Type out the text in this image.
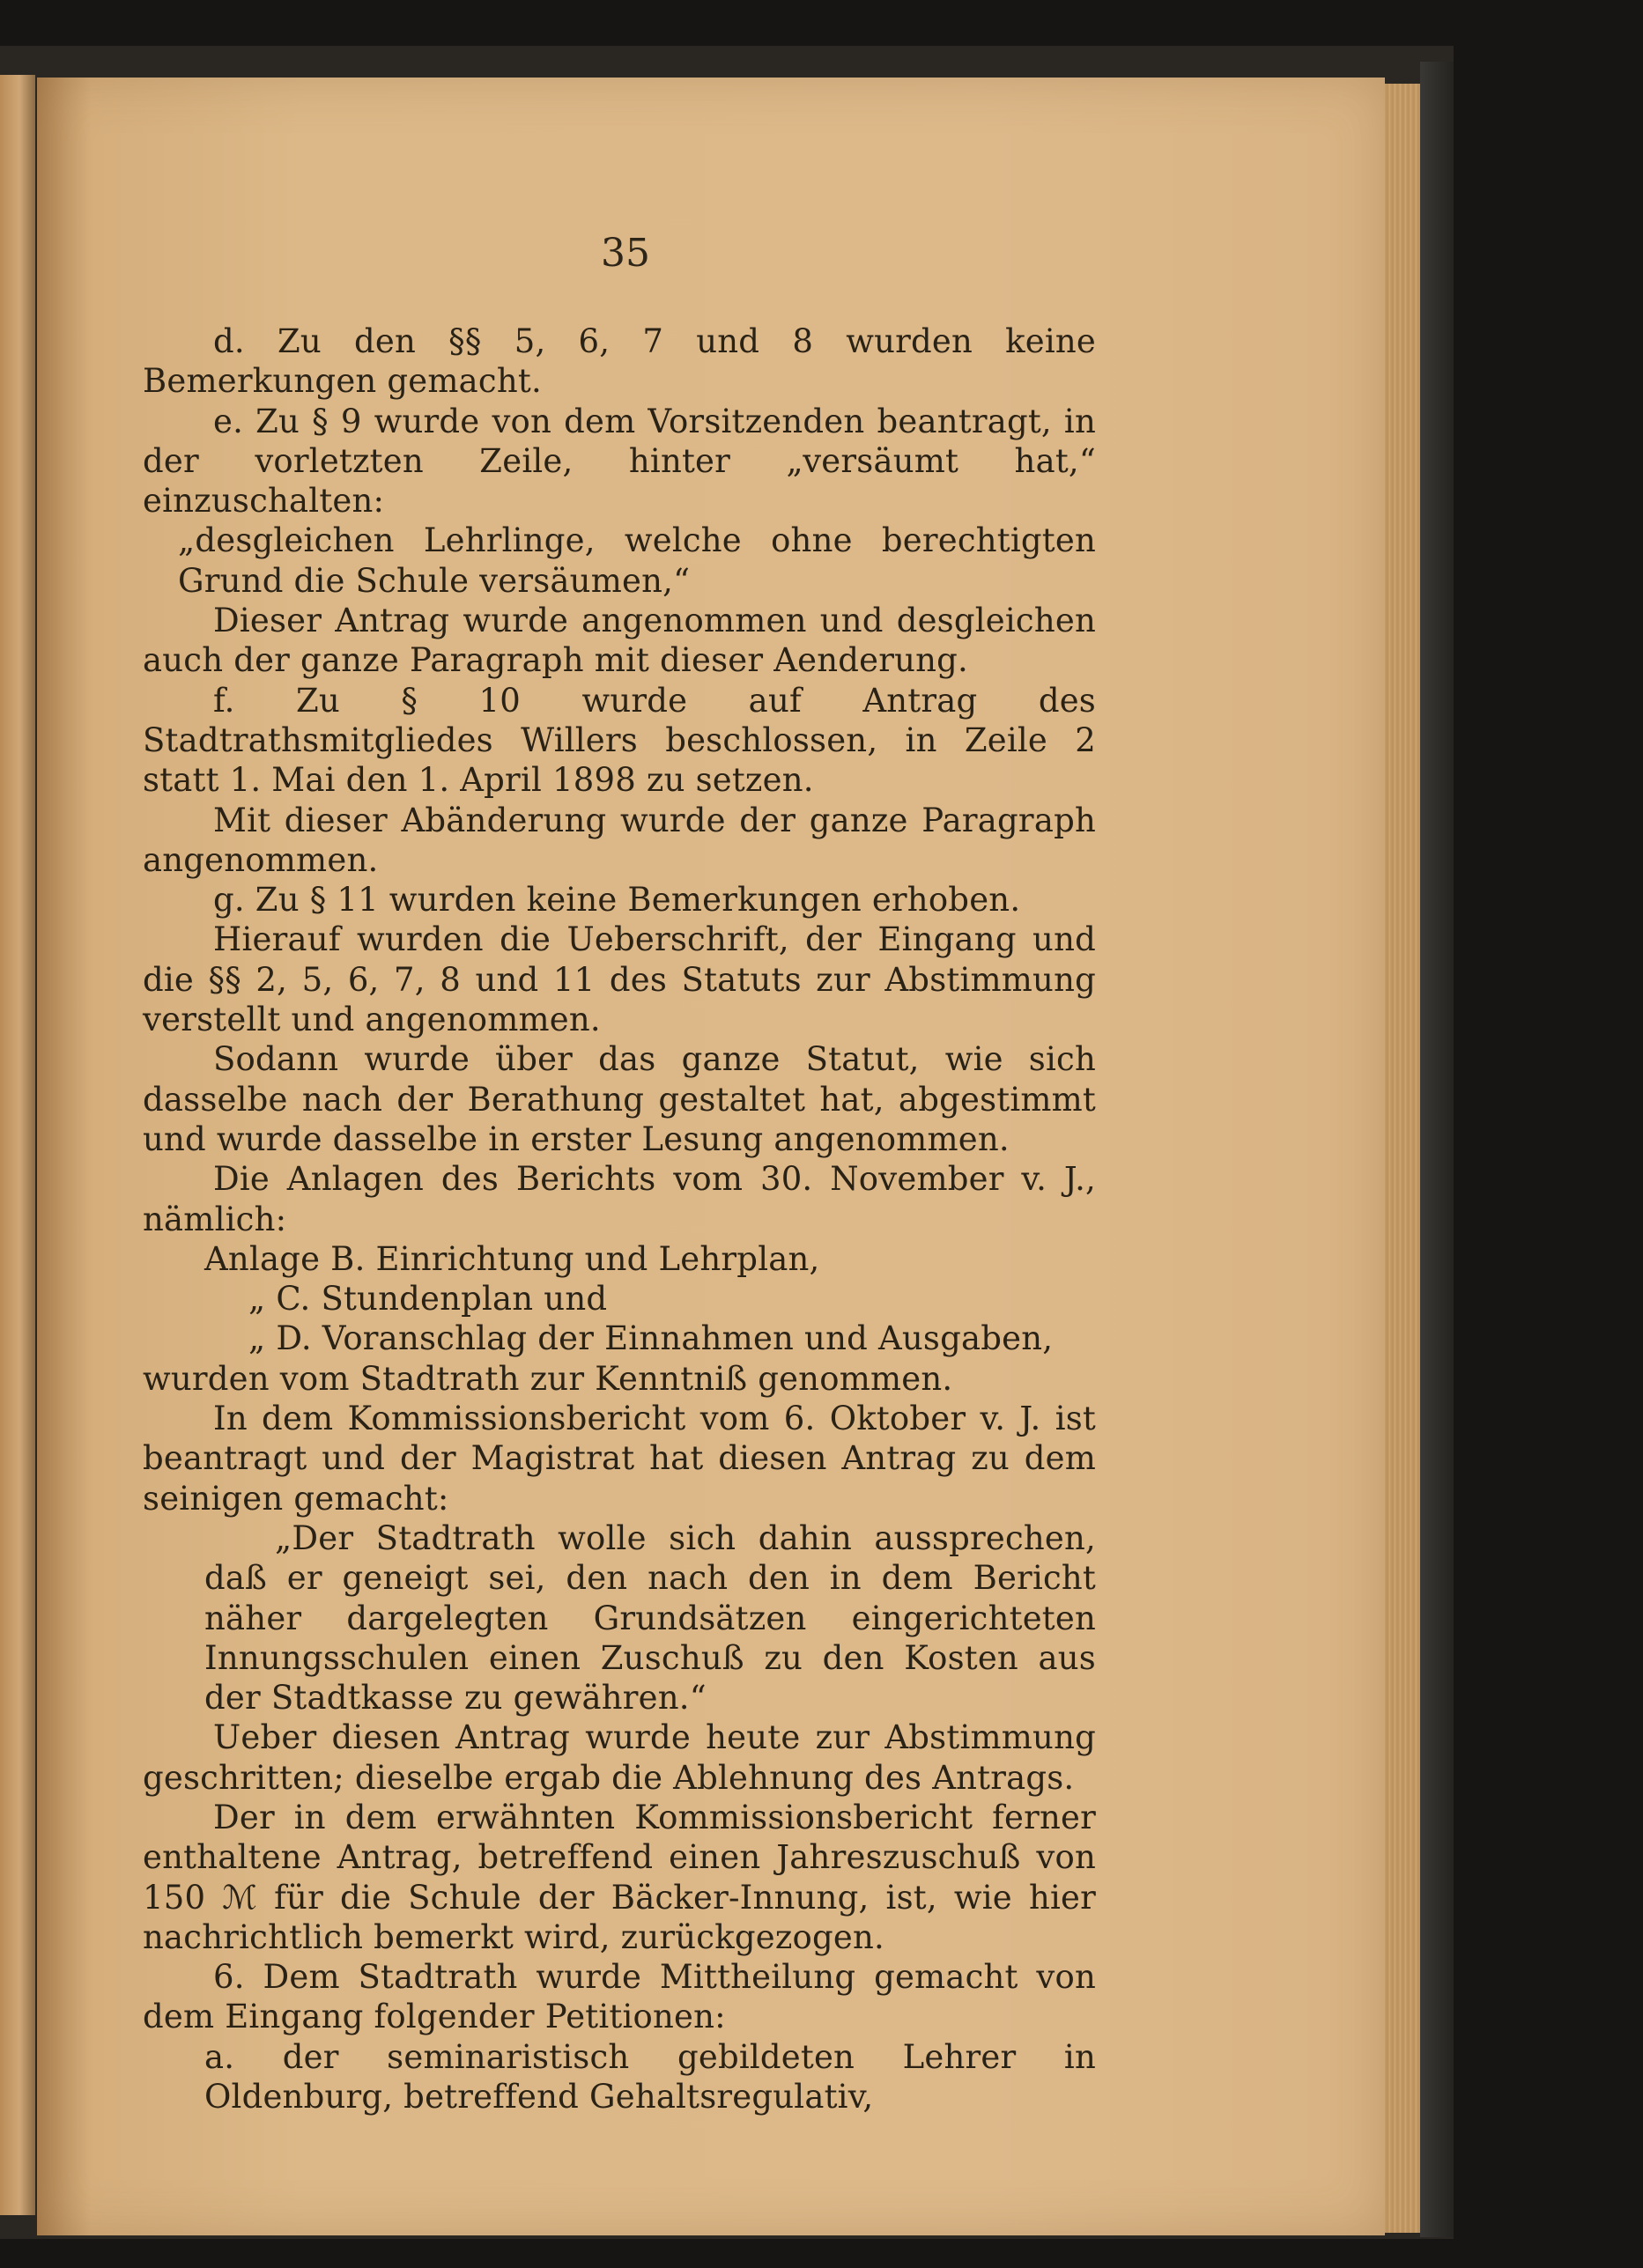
35

d. Zu den §§ 5, 6, 7 und 8 wurden keine Bemerkungen gemacht.

e. Zu § 9 wurde von dem Vorsitzenden beantragt, in der vorletzten Zeile, hinter „versäumt hat,“ einzuschalten:

„desgleichen Lehrlinge, welche ohne berechtigten Grund die Schule versäumen,“

Dieser Antrag wurde angenommen und desgleichen auch der ganze Paragraph mit dieser Aenderung.

f. Zu § 10 wurde auf Antrag des Stadtrathsmitgliedes Willers beschlossen, in Zeile 2 statt 1. Mai den 1. April 1898 zu setzen.

Mit dieser Abänderung wurde der ganze Paragraph angenommen.

g. Zu § 11 wurden keine Bemerkungen erhoben.

Hierauf wurden die Ueberschrift, der Eingang und die §§ 2, 5, 6, 7, 8 und 11 des Statuts zur Abstimmung verstellt und angenommen.

Sodann wurde über das ganze Statut, wie sich dasselbe nach der Berathung gestaltet hat, abgestimmt und wurde dasselbe in erster Lesung angenommen.

Die Anlagen des Berichts vom 30. November v. J., nämlich:

Anlage B. Einrichtung und Lehrplan,

„ C. Stundenplan und

„ D. Voranschlag der Einnahmen und Ausgaben,

wurden vom Stadtrath zur Kenntniß genommen.

In dem Kommissionsbericht vom 6. Oktober v. J. ist beantragt und der Magistrat hat diesen Antrag zu dem seinigen gemacht:

„Der Stadtrath wolle sich dahin aussprechen, daß er geneigt sei, den nach den in dem Bericht näher dargelegten Grundsätzen eingerichteten Innungsschulen einen Zuschuß zu den Kosten aus der Stadtkasse zu gewähren.“

Ueber diesen Antrag wurde heute zur Abstimmung geschritten; dieselbe ergab die Ablehnung des Antrags.

Der in dem erwähnten Kommissionsbericht ferner enthaltene Antrag, betreffend einen Jahreszuschuß von 150 ℳ für die Schule der Bäcker-Innung, ist, wie hier nachrichtlich bemerkt wird, zurückgezogen.

6. Dem Stadtrath wurde Mittheilung gemacht von dem Eingang folgender Petitionen:

a. der seminaristisch gebildeten Lehrer in Oldenburg, betreffend Gehaltsregulativ,
